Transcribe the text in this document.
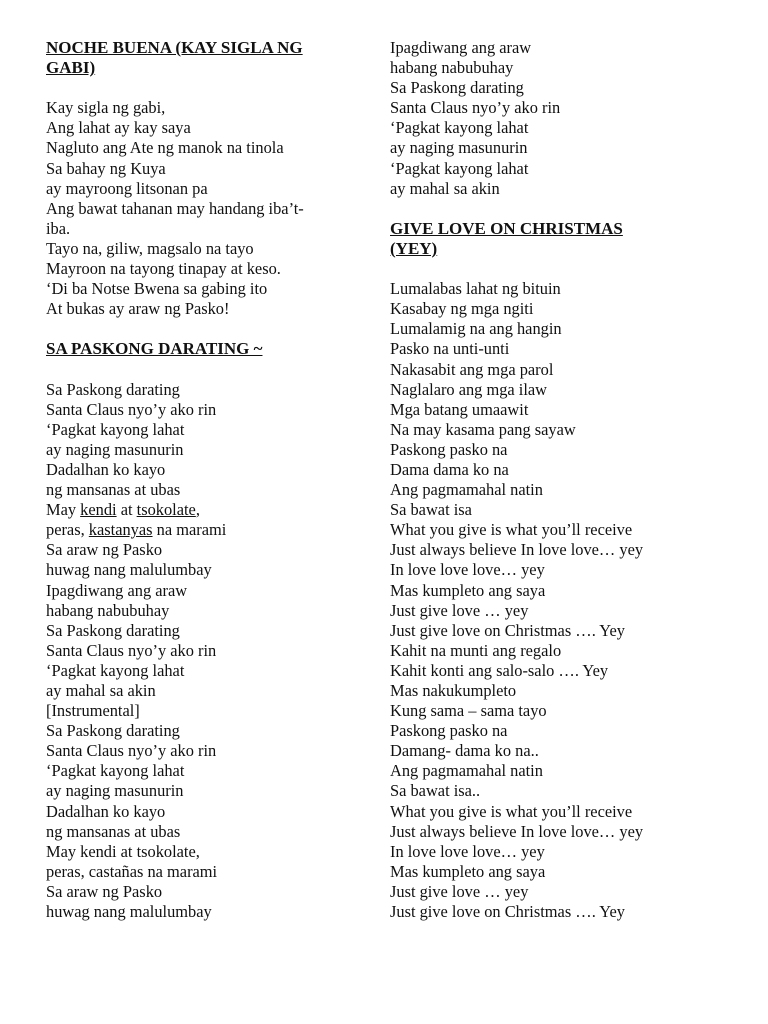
NOCHE BUENA (KAY SIGLA NG
GABI)
Kay sigla ng gabi,
Ang lahat ay kay saya
Nagluto ang Ate ng manok na tinola
Sa bahay ng Kuya
ay mayroong litsonan pa
Ang bawat tahanan may handang iba’t-
iba.
Tayo na, giliw, magsalo na tayo
Mayroon na tayong tinapay at keso.
‘Di ba Notse Bwena sa gabing ito
At bukas ay araw ng Pasko!
SA PASKONG DARATING ~
Sa Paskong darating
Santa Claus nyo’y ako rin
‘Pagkat kayong lahat
ay naging masunurin
Dadalhan ko kayo
ng mansanas at ubas
May kendi at tsokolate,
peras, kastanyas na marami
Sa araw ng Pasko
huwag nang malulumbay
Ipagdiwang ang araw
habang nabubuhay
Sa Paskong darating
Santa Claus nyo’y ako rin
‘Pagkat kayong lahat
ay mahal sa akin
[Instrumental]
Sa Paskong darating
Santa Claus nyo’y ako rin
‘Pagkat kayong lahat
ay naging masunurin
Dadalhan ko kayo
ng mansanas at ubas
May kendi at tsokolate,
peras, castañas na marami
Sa araw ng Pasko
huwag nang malulumbay
Ipagdiwang ang araw
habang nabubuhay
Sa Paskong darating
Santa Claus nyo’y ako rin
‘Pagkat kayong lahat
ay naging masunurin
‘Pagkat kayong lahat
ay mahal sa akin
GIVE LOVE ON CHRISTMAS
(YEY)
Lumalabas lahat ng bituin
Kasabay ng mga ngiti
Lumalamig na ang hangin
Pasko na unti-unti
Nakasabit ang mga parol
Naglalaro ang mga ilaw
Mga batang umaawit
Na may kasama pang sayaw
Paskong pasko na
Dama dama ko na
Ang pagmamahal natin
Sa bawat isa
What you give is what you’ll receive
Just always believe In love love… yey
In love love love… yey
Mas kumpleto ang saya
Just give love … yey
Just give love on Christmas …. Yey
Kahit na munti ang regalo
Kahit konti ang salo-salo …. Yey
Mas nakukumpleto
Kung sama – sama tayo
Paskong pasko na
Damang- dama ko na..
Ang pagmamahal natin
Sa bawat isa..
What you give is what you’ll receive
Just always believe In love love… yey
In love love love… yey
Mas kumpleto ang saya
Just give love … yey
Just give love on Christmas …. Yey
